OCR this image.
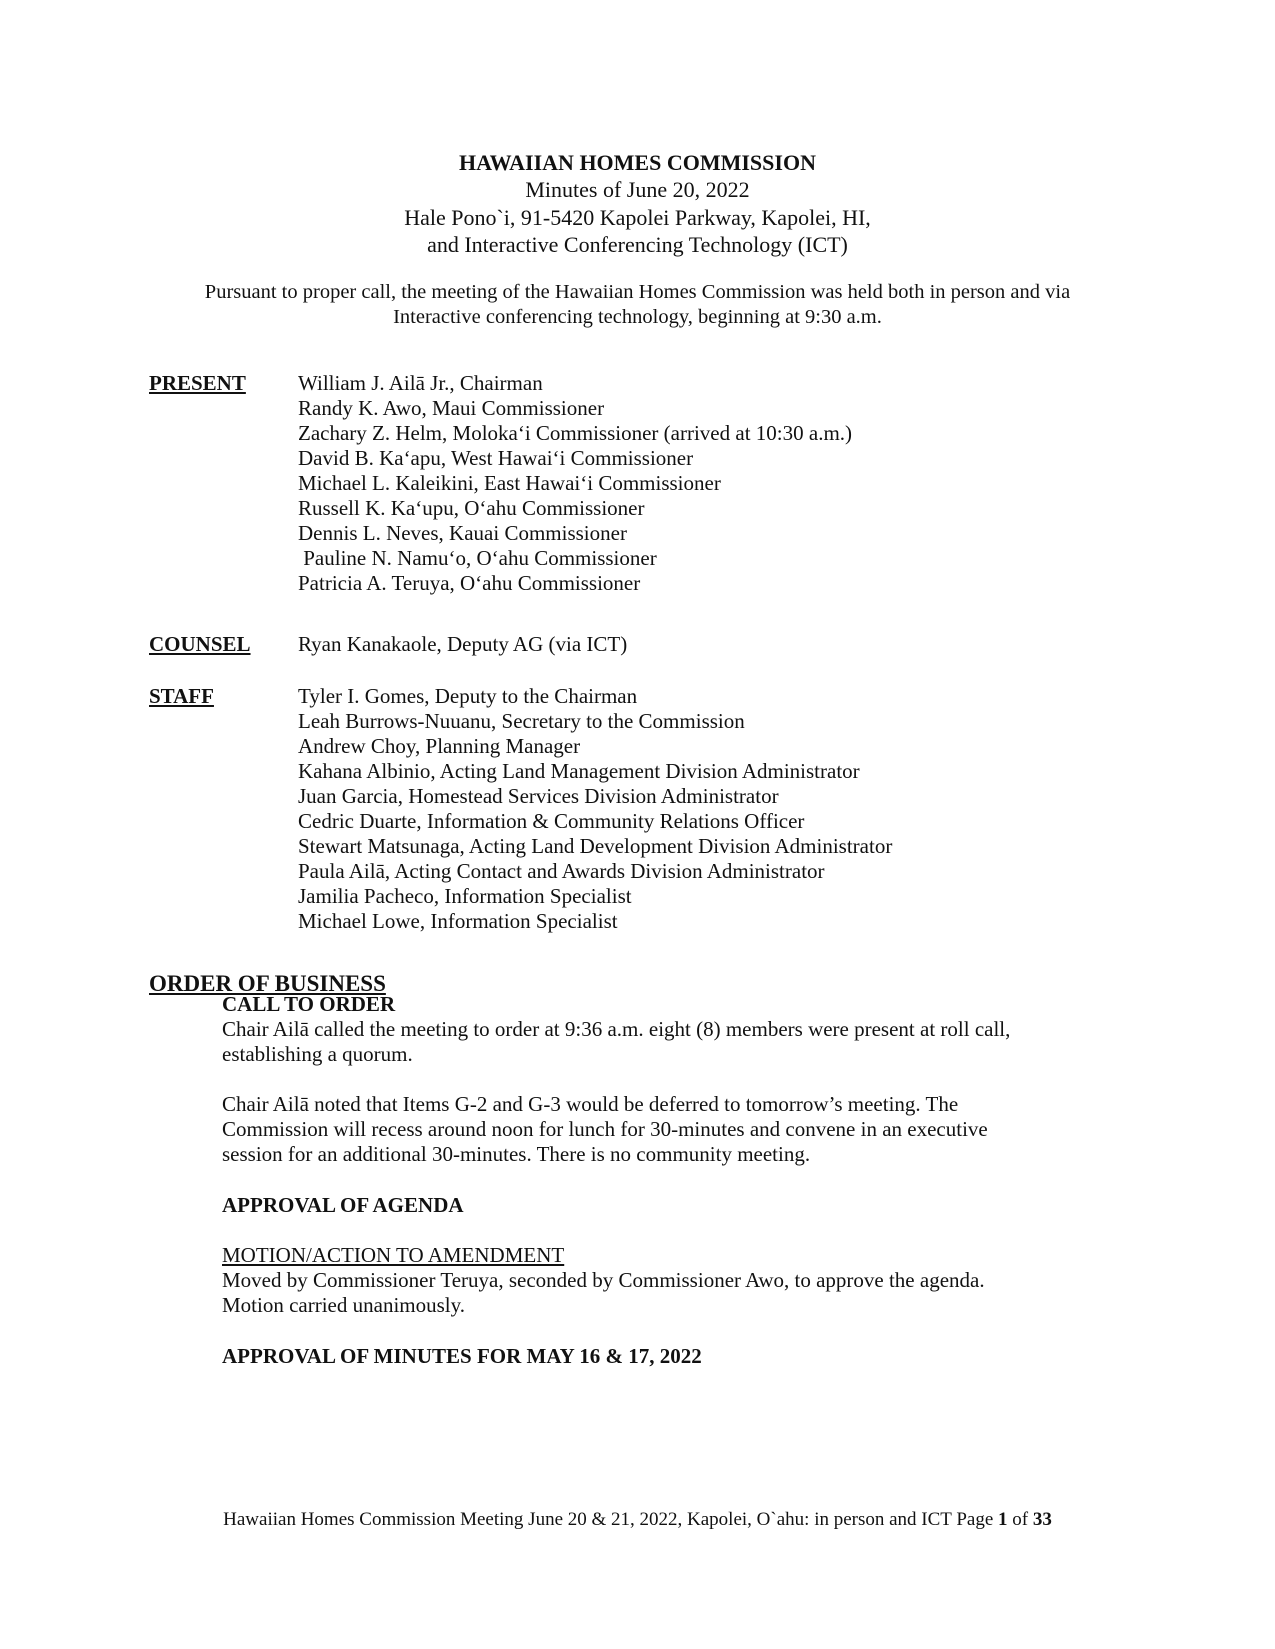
HAWAIIAN HOMES COMMISSION
Minutes of June 20, 2022
Hale Pono`i, 91-5420 Kapolei Parkway, Kapolei, HI,
and Interactive Conferencing Technology (ICT)
Pursuant to proper call, the meeting of the Hawaiian Homes Commission was held both in person and via
Interactive conferencing technology, beginning at 9:30 a.m.
PRESENT William J. Ailā Jr., Chairman
Randy K. Awo, Maui Commissioner
Zachary Z. Helm, Moloka‘i Commissioner (arrived at 10:30 a.m.)
David B. Ka‘apu, West Hawai‘i Commissioner
Michael L. Kaleikini, East Hawai‘i Commissioner
Russell K. Ka‘upu, O‘ahu Commissioner
Dennis L. Neves, Kauai Commissioner
Pauline N. Namu‘o, O‘ahu Commissioner
Patricia A. Teruya, O‘ahu Commissioner
COUNSEL Ryan Kanakaole, Deputy AG (via ICT)
STAFF	Tyler I. Gomes, Deputy to the Chairman
Leah Burrows-Nuuanu, Secretary to the Commission
Andrew Choy, Planning Manager
Kahana Albinio, Acting Land Management Division Administrator
Juan Garcia, Homestead Services Division Administrator
Cedric Duarte, Information & Community Relations Officer
Stewart Matsunaga, Acting Land Development Division Administrator
Paula Ailā, Acting Contact and Awards Division Administrator
Jamilia Pacheco, Information Specialist
Michael Lowe, Information Specialist
ORDER OF BUSINESS
CALL TO ORDER
Chair Ailā called the meeting to order at 9:36 a.m. eight (8) members were present at roll call,
establishing a quorum.
Chair Ailā noted that Items G-2 and G-3 would be deferred to tomorrow’s meeting. The
Commission will recess around noon for lunch for 30-minutes and convene in an executive
session for an additional 30-minutes. There is no community meeting.
APPROVAL OF AGENDA
MOTION/ACTION TO AMENDMENT
Moved by Commissioner Teruya, seconded by Commissioner Awo, to approve the agenda.
Motion carried unanimously.
APPROVAL OF MINUTES FOR MAY 16 & 17, 2022
Hawaiian Homes Commission Meeting June 20 & 21, 2022, Kapolei, O`ahu: in person and ICT Page 1 of 33
